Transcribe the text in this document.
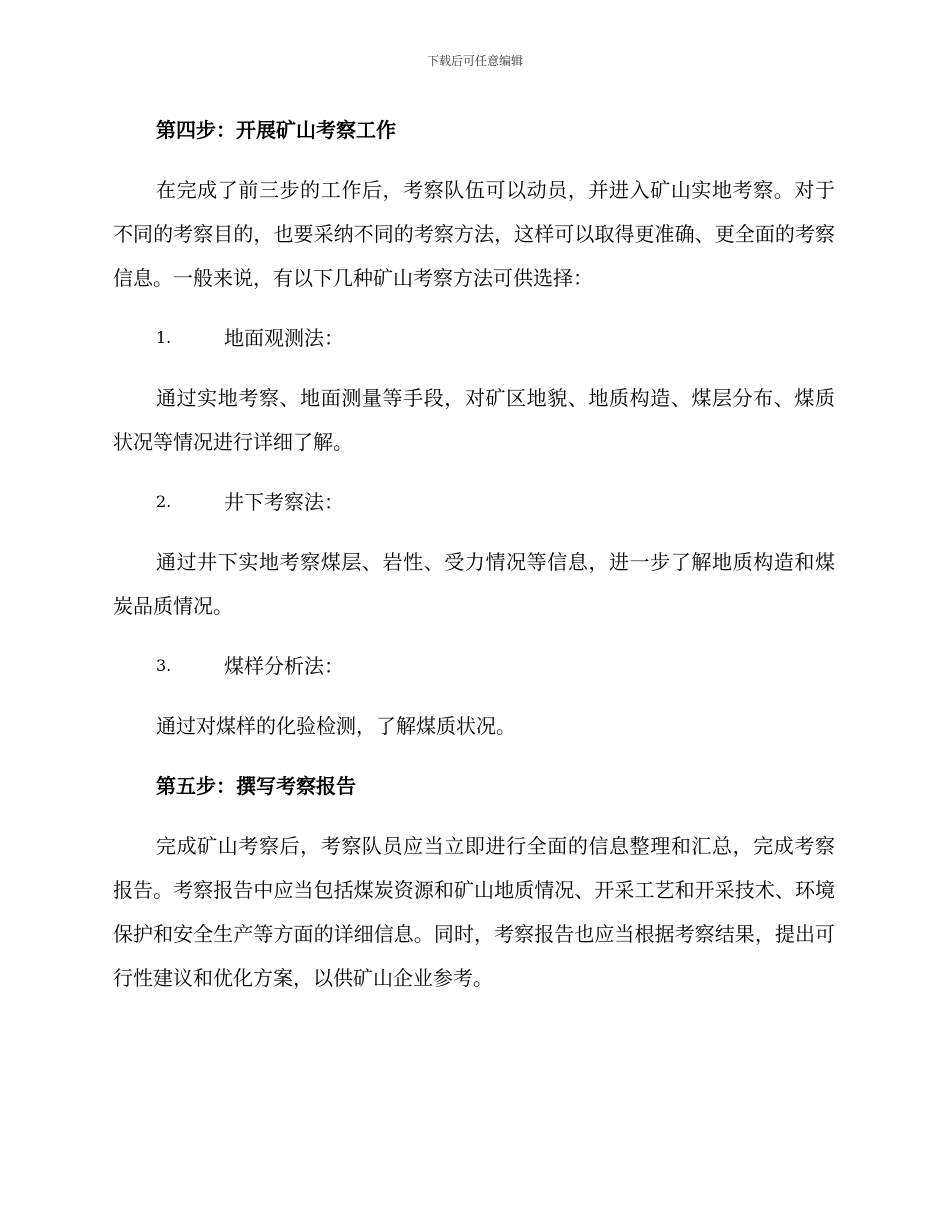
下载后可任意编辑

第四步：开展矿山考察工作

在完成了前三步的工作后，考察队伍可以动员，并进入矿山实地考察。对于不同的考察目的，也要采纳不同的考察方法，这样可以取得更准确、更全面的考察信息。一般来说，有以下几种矿山考察方法可供选择：

1.	地面观测法：

通过实地考察、地面测量等手段，对矿区地貌、地质构造、煤层分布、煤质状况等情况进行详细了解。

2.	井下考察法：

通过井下实地考察煤层、岩性、受力情况等信息，进一步了解地质构造和煤炭品质情况。

3.	煤样分析法：

通过对煤样的化验检测，了解煤质状况。

第五步：撰写考察报告

完成矿山考察后，考察队员应当立即进行全面的信息整理和汇总，完成考察报告。考察报告中应当包括煤炭资源和矿山地质情况、开采工艺和开采技术、环境保护和安全生产等方面的详细信息。同时，考察报告也应当根据考察结果，提出可行性建议和优化方案，以供矿山企业参考。
